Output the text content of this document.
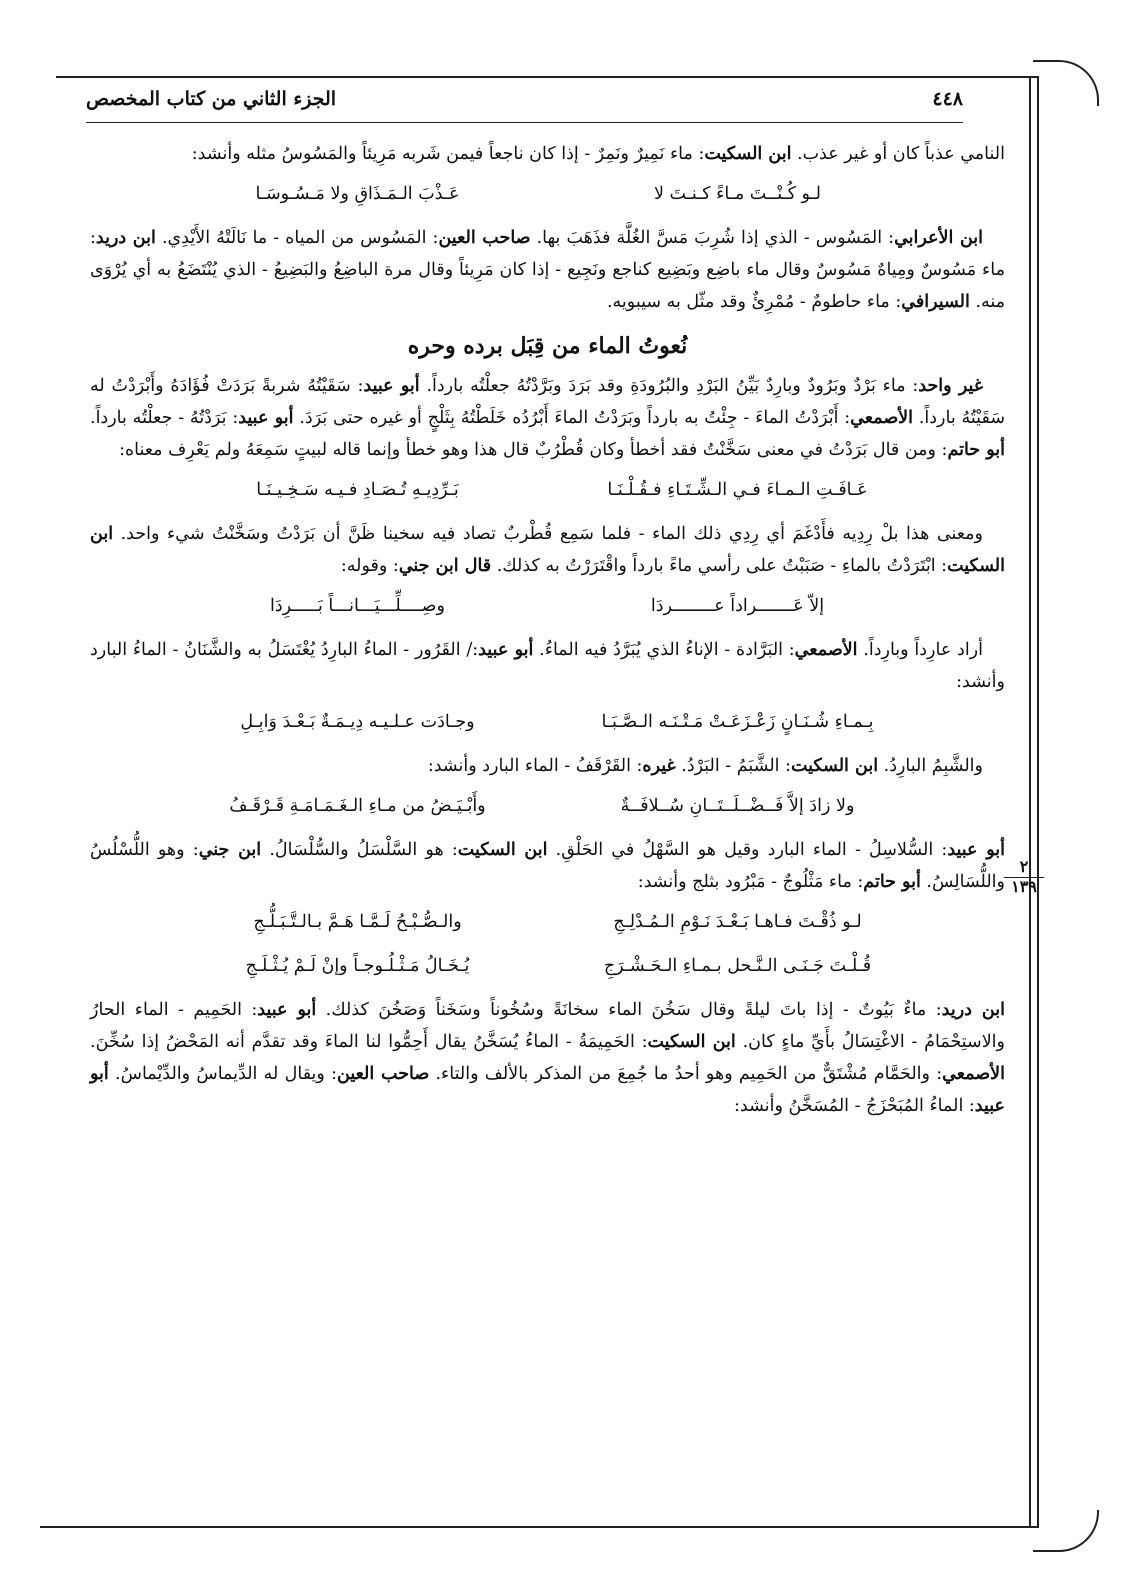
٤٤٨
الجزء الثاني من كتاب المخصص
٢
١٣٩

النامي عذباً كان أو غير عذب. ابن السكيت: ماء نَمِيرٌ ونَمِرٌ - إذا كان ناجعاً فيمن شَربه مَرِيئاً والمَسُوسُ مثله وأنشد:

لـو كُـنْــتَ مـاءً كـنـتَ لا
عَـذْبَ الـمَـذَاقِ ولا مَـسُـوسَـا

ابن الأعرابي: المَسُوس - الذي إذا شُرِبَ مَسَّ الغُلَّة فذَهَبَ بها. صاحب العين: المَسُوس من المياه - ما نَالَتْهُ الأَيْدِي. ابن دريد: ماء مَسُوسٌ ومِياهٌ مَسُوسٌ وقال ماء باضِع وبَضِيع كناجع ونَجِيع - إذا كان مَرِيئاً وقال مرة الباضِعُ والبَضِيعُ - الذي يُنْتَضَعُ به أي يُرْوَى منه. السيرافي: ماء حاطومٌ - مُمْرِئٌ وقد مثّل به سيبويه.

نُعوتُ الماء من قِبَل برده وحره

غير واحد: ماء بَرْدٌ وبَرُودٌ وبارِدٌ بَيِّنُ البَرْدِ والبُرُودَةِ وقد بَرَدَ وبَرَّدْتُهُ جعلْتُه بارداً. أبو عبيد: سَقَيْتُهُ شربةً بَرَدَتْ فُؤَادَهُ وأَبْرَدْتُ له سَقَيْتُهُ بارداً. الأصمعي: أَبْرَدْتُ الماءَ - جِئْتُ به بارداً وبَرَدْتُ الماءَ أَبْرُدُه خَلَطْتُهُ بِثَلْجٍ أو غيره حتى بَرَدَ. أبو عبيد: بَرَدْتُهُ - جعلْتُه بارداً. أبو حاتم: ومن قال بَرَدْتُ في معنى سَخَّنْتُ فقد أخطأ وكان قُطْرُبٌ قال هذا وهو خطأ وإنما قاله لبيتٍ سَمِعَهُ ولم يَعْرِف معناه:

عَـافَـتِ الـمـاءَ فـي الـشِّـتَـاءِ فـقُـلْـنَـا
بَـرِّدِيـهِ تُـصَـادِ فـيـه سَـخِـيـنَـا

ومعنى هذا بلْ رِدِيه فأَدْغَمَ أي رِدِي ذلك الماء - فلما سَمِع قُطْربٌ تصاد فيه سخينا ظَنَّ أن بَرَدْتُ وسَخَّنْتُ شيء واحد. ابن السكيت: ابْتَرَدْتُ بالماءِ - صَبَبْتُ على رأسي ماءً بارداً واقْتَرَرْتُ به كذلك. قال ابن جني: وقوله:

إلاّ عَـــــــراداً عــــــــردَا
وصِــــلِّـــيَـــانـــاً بَـــــرِدَا

أراد عارِداً وبارِداً. الأصمعي: البَرَّادة - الإناءُ الذي يُبَرَّدُ فيه الماءُ. أبو عبيد:/ القَرُور - الماءُ البارِدُ يُغْتَسَلُ به والشَّنَانُ - الماءُ البارد وأنشد:

بِـمـاءِ شُـنَـانٍ زَعْـزَعَـتْ مَـتْـنَـه الـصَّـبَـا
وجـادَت عـلـيـه دِيـمَـةٌ بَـعْـدَ وَابِـلِ

والشَّبِمُ البارِدُ. ابن السكيت: الشَّبَمُ - البَرْدُ. غيره: القَرْقَفُ - الماء البارد وأنشد:

ولا زادَ إلاَّ فَــضْــلَــتَــانِ سُــلافَــةٌ
وأَبْـيَـضُ من مـاءِ الـغَـمَـامَـةِ قَـرْقَـفُ

أبو عبيد: السُّلاسِلُ - الماء البارد وقيل هو السَّهْلُ في الحَلْقِ. ابن السكيت: هو السَّلْسَلُ والسُّلْسَالُ. ابن جني: وهو اللُّسْلُسُ واللُّسَالِسُ. أبو حاتم: ماء مَثْلُوجٌ - مَبْرُود بثلج وأنشد:

لـو ذُقْـتَ فـاهـا بَـعْـدَ نَـوْمِ الـمُـدْلِـجِ
والـصُّـبْـحُ لَـمَّـا هَـمَّ بـالـتَّـبَـلُّـجِ
قُـلْـتَ جَـنَـى الـنَّـحل بـمـاءِ الـحَـشْـرَجِ
يُـخَـالُ مَـثْـلُـوجـاً وإنْ لَـمْ يُـثْـلَـجِ

ابن دريد: ماءٌ بَيُوتٌ - إذا باتَ ليلةً وقال سَخُنَ الماء سخانَةً وسُخُوناً وسَخَناً وَصَخُنَ كذلك. أبو عبيد: الحَمِيم - الماء الحارُ والاستِحْمَامُ - الاغْتِسَالُ بأَيِّ ماءٍ كان. ابن السكيت: الحَمِيمَةُ - الماءُ يُسَخَّنُ يقال أَحِمُّوا لنا الماءَ وقد تقدَّم أنه المَحْضُ إذا سُخِّنَ. الأصمعي: والحَمَّام مُشْتَقٌّ من الحَمِيم وهو أحدُ ما جُمِعَ من المذكر بالألف والتاء. صاحب العين: ويقال له الدِّيماسُ والدِّيْماسُ. أبو عبيد: الماءُ المُبَحْزَجُ - المُسَخَّنُ وأنشد:
